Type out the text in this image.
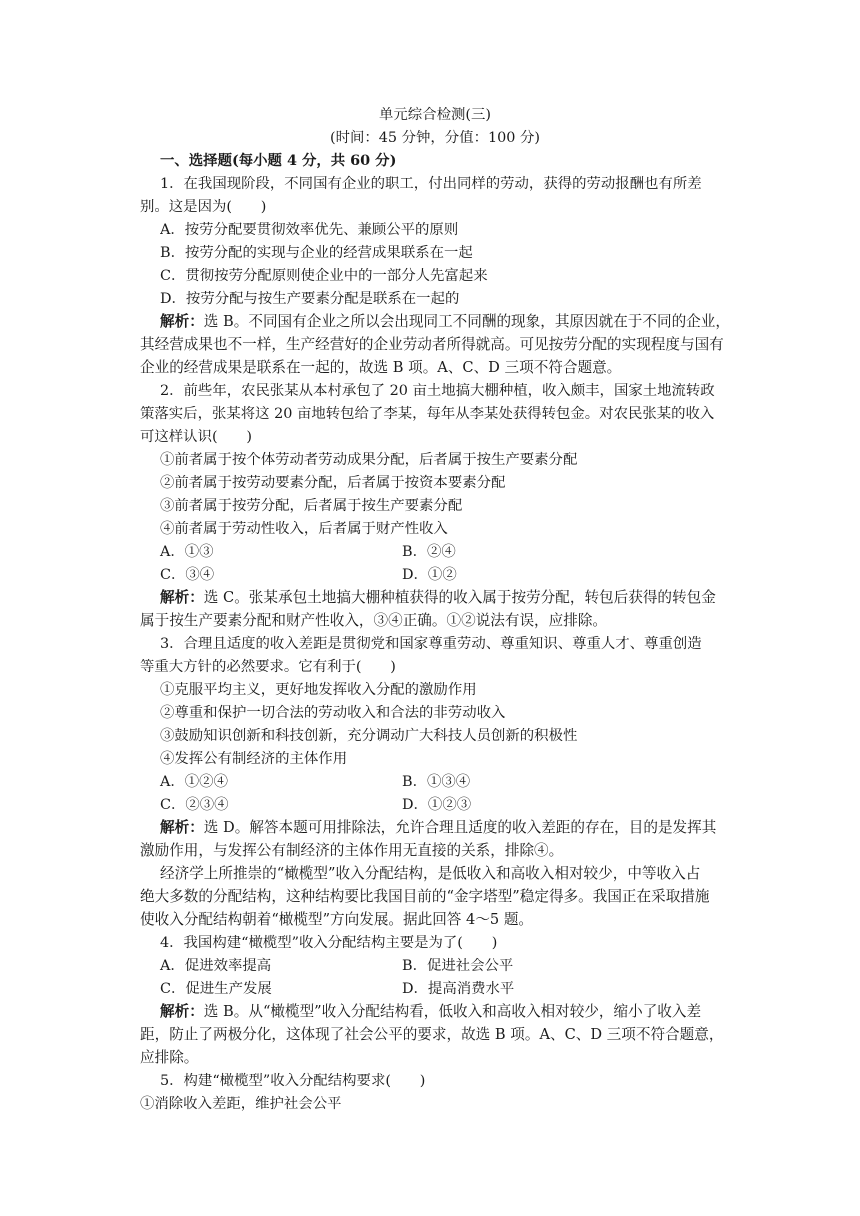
单元综合检测(三)
(时间：45 分钟，分值：100 分)
一、选择题(每小题 4 分，共 60 分)
1．在我国现阶段，不同国有企业的职工，付出同样的劳动，获得的劳动报酬也有所差
别。这是因为(　　)
A．按劳分配要贯彻效率优先、兼顾公平的原则
B．按劳分配的实现与企业的经营成果联系在一起
C．贯彻按劳分配原则使企业中的一部分人先富起来
D．按劳分配与按生产要素分配是联系在一起的
解析：选 B。不同国有企业之所以会出现同工不同酬的现象，其原因就在于不同的企业，
其经营成果也不一样，生产经营好的企业劳动者所得就高。可见按劳分配的实现程度与国有
企业的经营成果是联系在一起的，故选 B 项。A、C、D 三项不符合题意。
2．前些年，农民张某从本村承包了 20 亩土地搞大棚种植，收入颇丰，国家土地流转政
策落实后，张某将这 20 亩地转包给了李某，每年从李某处获得转包金。对农民张某的收入
可这样认识(　　)
①前者属于按个体劳动者劳动成果分配，后者属于按生产要素分配
②前者属于按劳动要素分配，后者属于按资本要素分配
③前者属于按劳分配，后者属于按生产要素分配
④前者属于劳动性收入，后者属于财产性收入
A．①③	B．②④
C．③④	D．①②
解析：选 C。张某承包土地搞大棚种植获得的收入属于按劳分配，转包后获得的转包金
属于按生产要素分配和财产性收入，③④正确。①②说法有误，应排除。
3．合理且适度的收入差距是贯彻党和国家尊重劳动、尊重知识、尊重人才、尊重创造
等重大方针的必然要求。它有利于(　　)
①克服平均主义，更好地发挥收入分配的激励作用
②尊重和保护一切合法的劳动收入和合法的非劳动收入
③鼓励知识创新和科技创新，充分调动广大科技人员创新的积极性
④发挥公有制经济的主体作用
A．①②④	B．①③④
C．②③④	D．①②③
解析：选 D。解答本题可用排除法，允许合理且适度的收入差距的存在，目的是发挥其
激励作用，与发挥公有制经济的主体作用无直接的关系，排除④。
经济学上所推崇的“橄榄型”收入分配结构，是低收入和高收入相对较少，中等收入占
绝大多数的分配结构，这种结构要比我国目前的“金字塔型”稳定得多。我国正在采取措施
使收入分配结构朝着“橄榄型”方向发展。据此回答 4～5 题。
4．我国构建“橄榄型”收入分配结构主要是为了(　　)
A．促进效率提高	B．促进社会公平
C．促进生产发展	D．提高消费水平
解析：选 B。从“橄榄型”收入分配结构看，低收入和高收入相对较少，缩小了收入差
距，防止了两极分化，这体现了社会公平的要求，故选 B 项。A、C、D 三项不符合题意，
应排除。
5．构建“橄榄型”收入分配结构要求(　　)
①消除收入差距，维护社会公平
